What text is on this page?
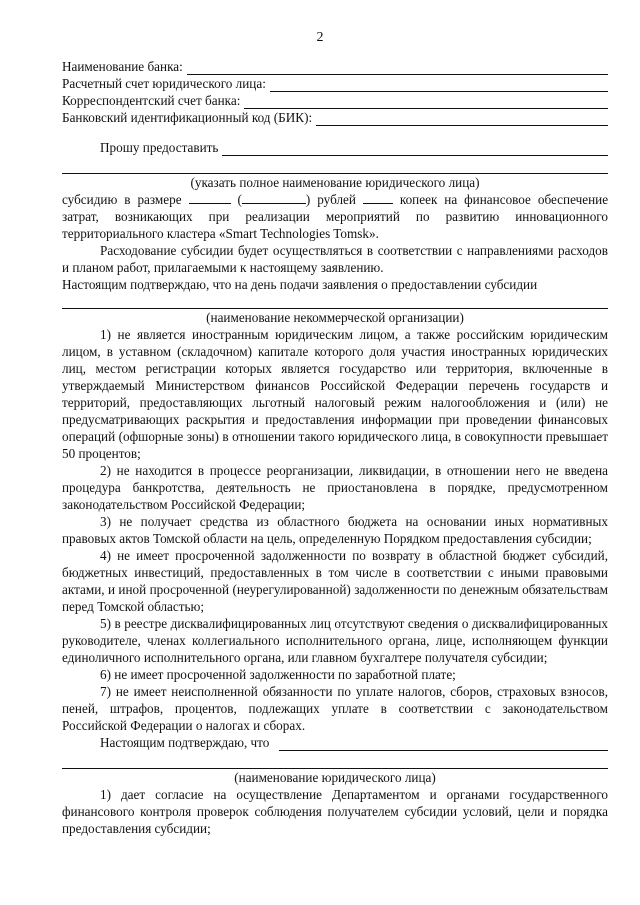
2
Наименование банка:
Расчетный счет юридического лица:
Корреспондентский счет банка:
Банковский идентификационный код (БИК):
Прошу предоставить
(указать полное наименование юридического лица)

субсидию в размере	(	) рублей	копеек на финансовое обеспечение затрат, возникающих при реализации мероприятий по развитию инновационного территориального кластера «Smart Technologies Tomsk».

Расходование субсидии будет осуществляться в соответствии с направлениями расходов и планом работ, прилагаемыми к настоящему заявлению.

Настоящим подтверждаю, что на день подачи заявления о предоставлении субсидии

(наименование некоммерческой организации)

1) не является иностранным юридическим лицом, а также российским юридическим лицом, в уставном (складочном) капитале которого доля участия иностранных юридических лиц, местом регистрации которых является государство или территория, включенные в утверждаемый Министерством финансов Российской Федерации перечень государств и территорий, предоставляющих льготный налоговый режим налогообложения и (или) не предусматривающих раскрытия и предоставления информации при проведении финансовых операций (офшорные зоны) в отношении такого юридического лица, в совокупности превышает 50 процентов;

2) не находится в процессе реорганизации, ликвидации, в отношении него не введена процедура банкротства, деятельность не приостановлена в порядке, предусмотренном законодательством Российской Федерации;

3) не получает средства из областного бюджета на основании иных нормативных правовых актов Томской области на цель, определенную Порядком предоставления субсидии;

4) не имеет просроченной задолженности по возврату в областной бюджет субсидий, бюджетных инвестиций, предоставленных в том числе в соответствии с иными правовыми актами, и иной просроченной (неурегулированной) задолженности по денежным обязательствам перед Томской областью;

5) в реестре дисквалифицированных лиц отсутствуют сведения о дисквалифицированных руководителе, членах коллегиального исполнительного органа, лице, исполняющем функции единоличного исполнительного органа, или главном бухгалтере получателя субсидии;

6) не имеет просроченной задолженности по заработной плате;

7) не имеет неисполненной обязанности по уплате налогов, сборов, страховых взносов, пеней, штрафов, процентов, подлежащих уплате в соответствии с законодательством Российской Федерации о налогах и сборах.

Настоящим подтверждаю, что
(наименование юридического лица)

1) дает согласие на осуществление Департаментом и органами государственного финансового контроля проверок соблюдения получателем субсидии условий, цели и порядка предоставления субсидии;
